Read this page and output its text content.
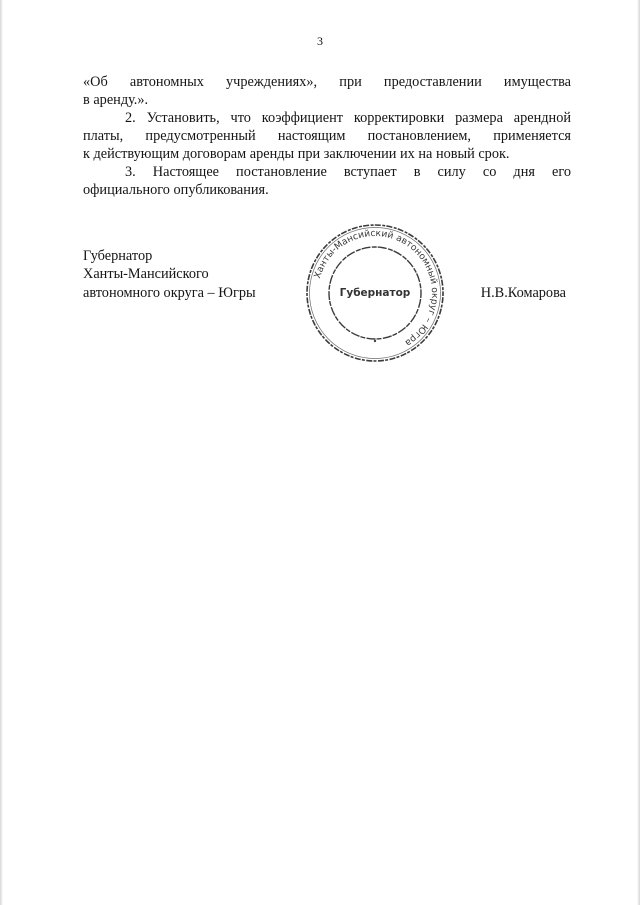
3
«Об автономных учреждениях», при предоставлении имущества
в аренду.».
2. Установить, что коэффициент корректировки размера арендной
платы, предусмотренный настоящим постановлением, применяется
к действующим договорам аренды при заключении их на новый срок.
3. Настоящее постановление вступает в силу со дня его
официального опубликования.
Губернатор
Ханты-Мансийского
автономного округа – Югры
Ханты-Мансийский автономный округ – Югра
Губернатор	Н.В.Комарова
